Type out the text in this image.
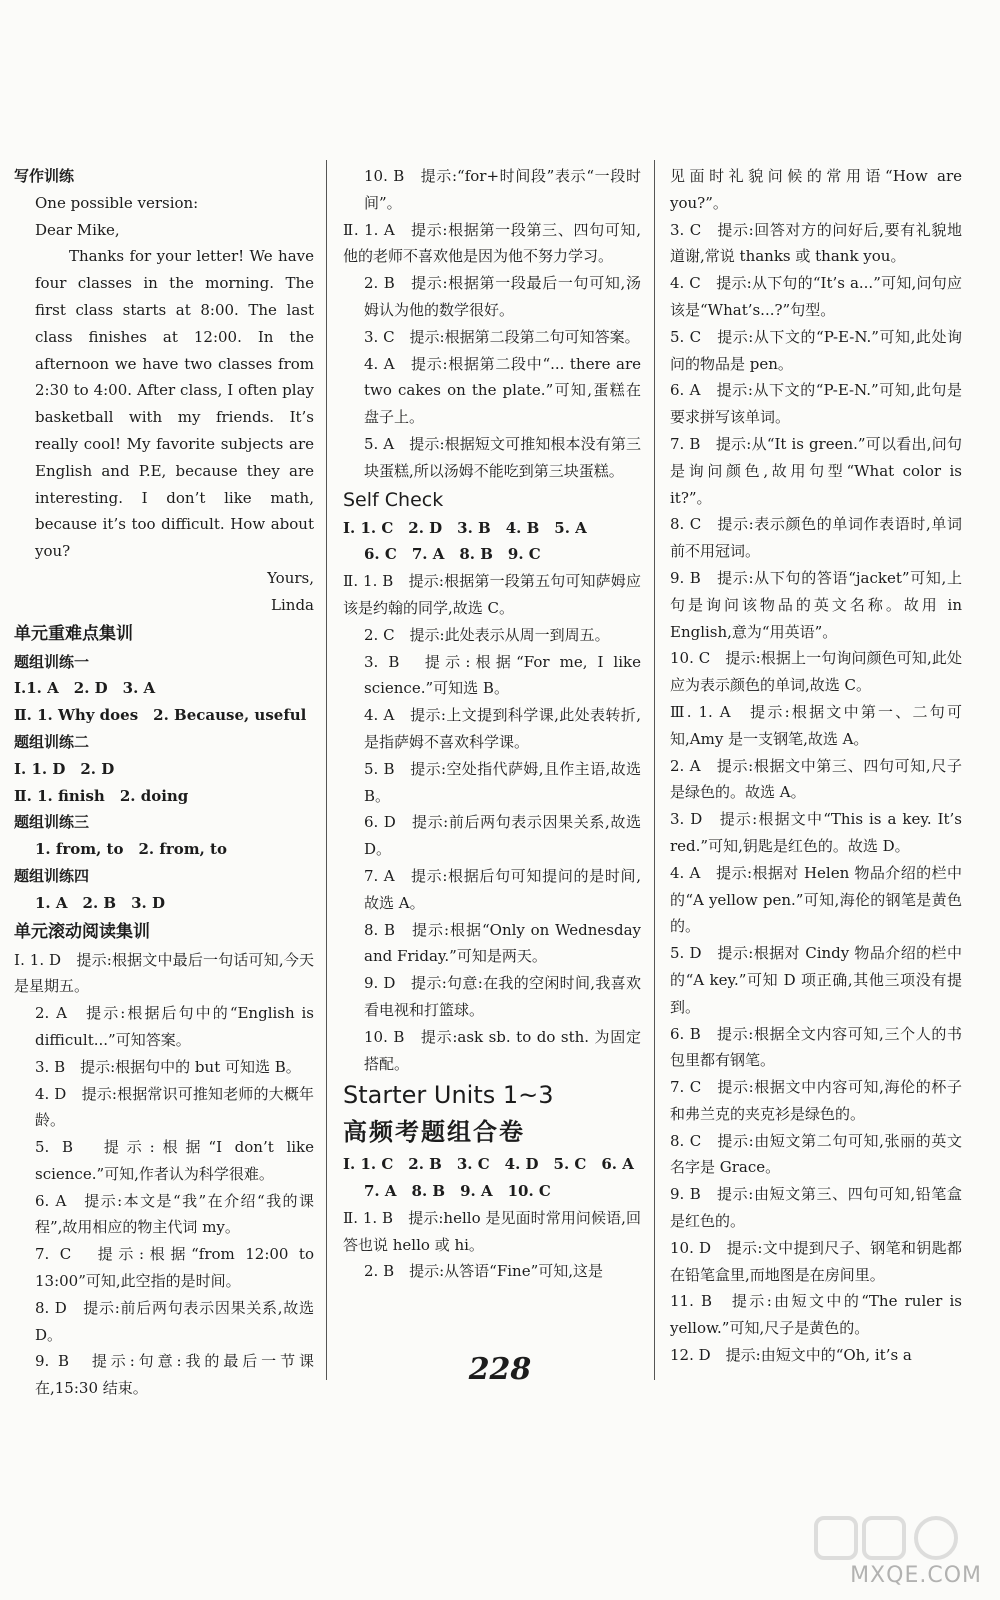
写作训练

One possible version:

Dear Mike,

Thanks for your letter! We have four classes in the morning. The first class starts at 8:00. The last class finishes at 12:00. In the afternoon we have two classes from 2:30 to 4:00. After class, I often play basketball with my friends. It’s really cool! My favorite subjects are English and P.E, because they are interesting. I don’t like math, because it’s too difficult. How about you?

Yours,

Linda

单元重难点集训

题组训练一

Ⅰ.1. A　2. D　3. A

Ⅱ. 1. Why does　2. Because, useful

题组训练二

Ⅰ. 1. D　2. D

Ⅱ. 1. finish　2. doing

题组训练三

1. from, to　2. from, to

题组训练四

1. A　2. B　3. D

单元滚动阅读集训

Ⅰ. 1. D　提示:根据文中最后一句话可知,今天是星期五。

2. A　提示:根据后句中的“English is difficult...”可知答案。

3. B　提示:根据句中的 but 可知选 B。

4. D　提示:根据常识可推知老师的大概年龄。

5. B　提示:根据“I don’t like science.”可知,作者认为科学很难。

6. A　提示:本文是“我”在介绍“我的课程”,故用相应的物主代词 my。

7. C　提示:根据“from 12:00 to 13:00”可知,此空指的是时间。

8. D　提示:前后两句表示因果关系,故选 D。

9. B　提示:句意:我的最后一节课在,15:30 结束。

10. B　提示:“for+时间段”表示“一段时间”。

Ⅱ. 1. A　提示:根据第一段第三、四句可知,他的老师不喜欢他是因为他不努力学习。

2. B　提示:根据第一段最后一句可知,汤姆认为他的数学很好。

3. C　提示:根据第二段第二句可知答案。

4. A　提示:根据第二段中“... there are two cakes on the plate.”可知,蛋糕在盘子上。

5. A　提示:根据短文可推知根本没有第三块蛋糕,所以汤姆不能吃到第三块蛋糕。

Self Check

Ⅰ. 1. C　2. D　3. B　4. B　5. A

6. C　7. A　8. B　9. C

Ⅱ. 1. B　提示:根据第一段第五句可知萨姆应该是约翰的同学,故选 C。

2. C　提示:此处表示从周一到周五。

3. B　提示:根据“For me, I like science.”可知选 B。

4. A　提示:上文提到科学课,此处表转折,是指萨姆不喜欢科学课。

5. B　提示:空处指代萨姆,且作主语,故选 B。

6. D　提示:前后两句表示因果关系,故选 D。

7. A　提示:根据后句可知提问的是时间,故选 A。

8. B　提示:根据“Only on Wednesday and Friday.”可知是两天。

9. D　提示:句意:在我的空闲时间,我喜欢看电视和打篮球。

10. B　提示:ask sb. to do sth. 为固定搭配。

Starter Units 1~3

高频考题组合卷

Ⅰ. 1. C　2. B　3. C　4. D　5. C　6. A

7. A　8. B　9. A　10. C

Ⅱ. 1. B　提示:hello 是见面时常用问候语,回答也说 hello 或 hi。

2. B　提示:从答语“Fine”可知,这是

见面时礼貌问候的常用语“How are you?”。

3. C　提示:回答对方的问好后,要有礼貌地道谢,常说 thanks 或 thank you。

4. C　提示:从下句的“It’s a...”可知,问句应该是“What’s...?”句型。

5. C　提示:从下文的“P-E-N.”可知,此处询问的物品是 pen。

6. A　提示:从下文的“P-E-N.”可知,此句是要求拼写该单词。

7. B　提示:从“It is green.”可以看出,问句是询问颜色,故用句型“What color is it?”。

8. C　提示:表示颜色的单词作表语时,单词前不用冠词。

9. B　提示:从下句的答语“jacket”可知,上句是询问该物品的英文名称。故用 in English,意为“用英语”。

10. C　提示:根据上一句询问颜色可知,此处应为表示颜色的单词,故选 C。

Ⅲ. 1. A　提示:根据文中第一、二句可知,Amy 是一支钢笔,故选 A。

2. A　提示:根据文中第三、四句可知,尺子是绿色的。故选 A。

3. D　提示:根据文中“This is a key. It’s red.”可知,钥匙是红色的。故选 D。

4. A　提示:根据对 Helen 物品介绍的栏中的“A yellow pen.”可知,海伦的钢笔是黄色的。

5. D　提示:根据对 Cindy 物品介绍的栏中的“A key.”可知 D 项正确,其他三项没有提到。

6. B　提示:根据全文内容可知,三个人的书包里都有钢笔。

7. C　提示:根据文中内容可知,海伦的杯子和弗兰克的夹克衫是绿色的。

8. C　提示:由短文第二句可知,张丽的英文名字是 Grace。

9. B　提示:由短文第三、四句可知,铅笔盒是红色的。

10. D　提示:文中提到尺子、钢笔和钥匙都在铅笔盒里,而地图是在房间里。

11. B　提示:由短文中的“The ruler is yellow.”可知,尺子是黄色的。

12. D　提示:由短文中的“Oh, it’s a

228
MXQE.COM
